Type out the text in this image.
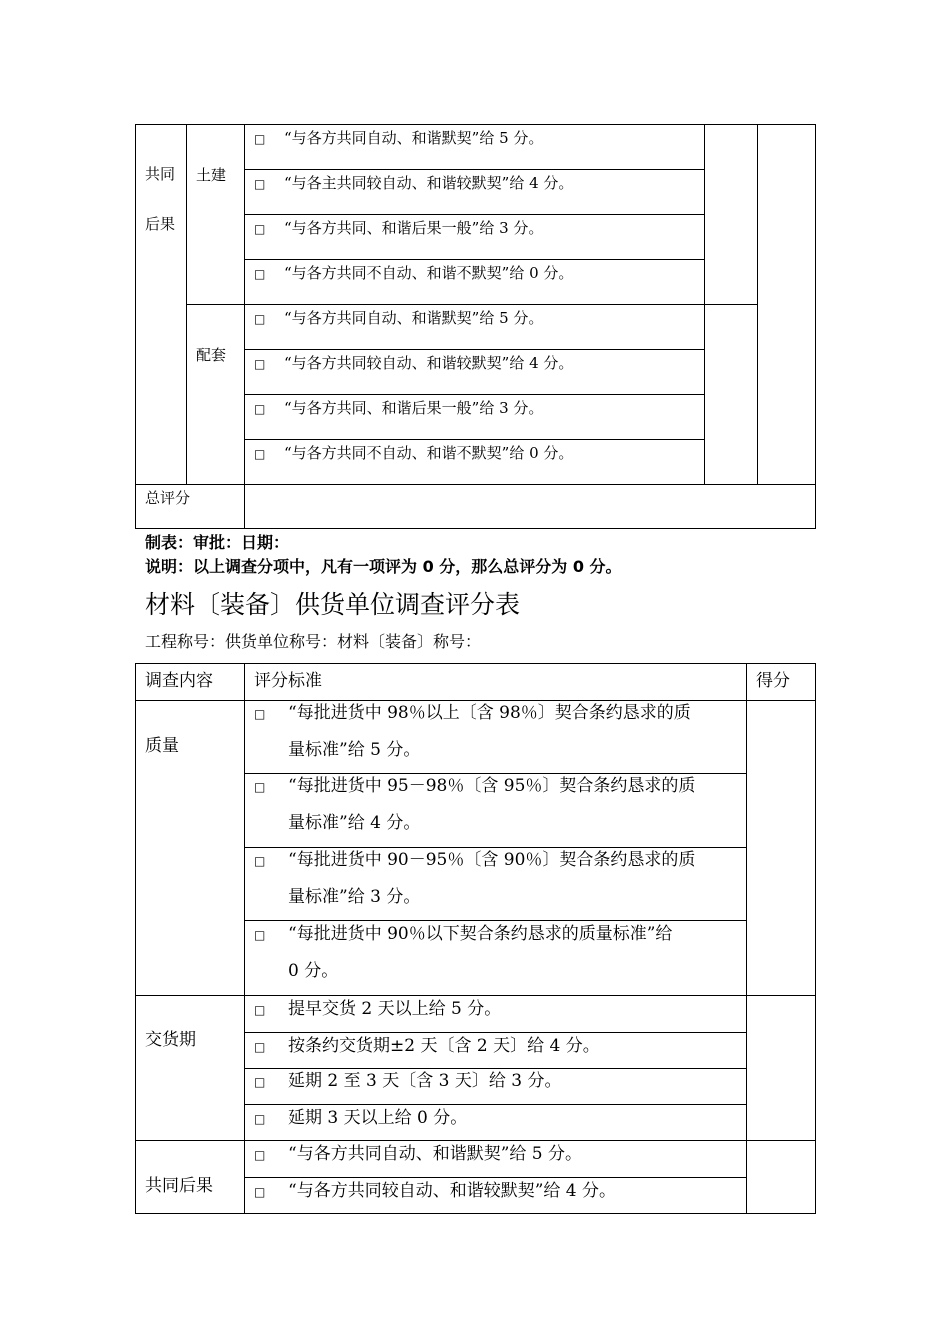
共同
后果
土建
配套
□ “与各方共同自动、和谐默契”给 5 分。
□ “与各主共同较自动、和谐较默契”给 4 分。
□ “与各方共同、和谐后果一般”给 3 分。
□ “与各方共同不自动、和谐不默契”给 0 分。
□ “与各方共同自动、和谐默契”给 5 分。
□ “与各方共同较自动、和谐较默契”给 4 分。
□ “与各方共同、和谐后果一般”给 3 分。
□ “与各方共同不自动、和谐不默契”给 0 分。
总评分
制表：审批：日期：
说明：以上调查分项中，凡有一项评为 0 分，那么总评分为 0 分。
材料〔装备〕供货单位调查评分表
工程称号：供货单位称号：材料〔装备〕称号：
调查内容 评分标准	得分
质量
□ “每批进货中 98％以上〔含 98％〕契合条约恳求的质
量标准”给 5 分。
□ “每批进货中 95－98％〔含 95％〕契合条约恳求的质
量标准”给 4 分。
□ “每批进货中 90－95％〔含 90％〕契合条约恳求的质
量标准”给 3 分。
□ “每批进货中 90％以下契合条约恳求的质量标准”给
0 分。
交货期
□ 提早交货 2 天以上给 5 分。
□ 按条约交货期±2 天〔含 2 天〕给 4 分。
□ 延期 2 至 3 天〔含 3 天〕给 3 分。
□ 延期 3 天以上给 0 分。
共同后果
□ “与各方共同自动、和谐默契”给 5 分。
□ “与各方共同较自动、和谐较默契”给 4 分。
